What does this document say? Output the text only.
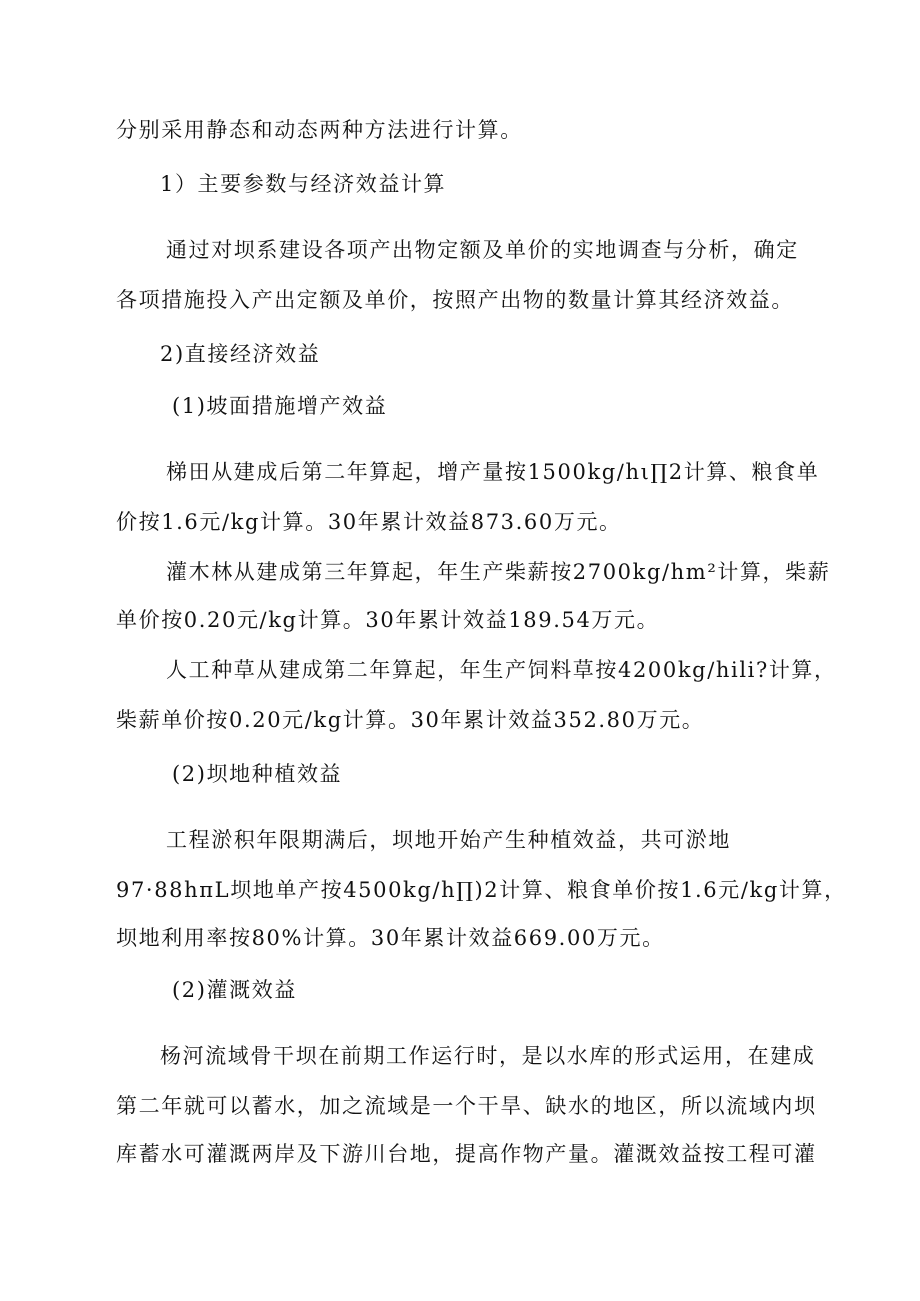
分别采用静态和动态两种方法进行计算。
1）主要参数与经济效益计算
通过对坝系建设各项产出物定额及单价的实地调查与分析，确定
各项措施投入产出定额及单价，按照产出物的数量计算其经济效益。
2)直接经济效益
(1)坡面措施增产效益
梯田从建成后第二年算起，增产量按1500kg∕hι∏2计算、粮食单
价按1.6元∕kg计算。30年累计效益873.60万元。
灌木林从建成第三年算起，年生产柴薪按2700kg∕hm²计算，柴薪
单价按0.20元∕kg计算。30年累计效益189.54万元。
人工种草从建成第二年算起，年生产饲料草按4200kg∕hili?计算，
柴薪单价按0.20元∕kg计算。30年累计效益352.80万元。
(2)坝地种植效益
工程淤积年限期满后，坝地开始产生种植效益，共可淤地
97·88hπL坝地单产按4500kg∕h∏)2计算、粮食单价按1.6元∕kg计算，
坝地利用率按80%计算。30年累计效益669.00万元。
(2)灌溉效益
杨河流域骨干坝在前期工作运行时，是以水库的形式运用，在建成
第二年就可以蓄水，加之流域是一个干旱、缺水的地区，所以流域内坝
库蓄水可灌溉两岸及下游川台地，提高作物产量。灌溉效益按工程可灌
